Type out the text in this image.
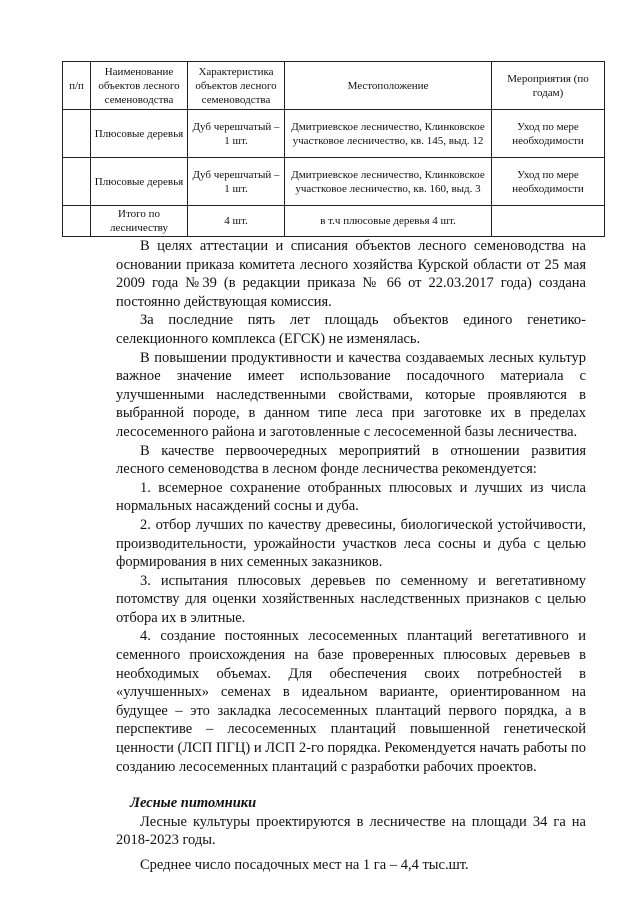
п/п	Наименование объектов лесного семеноводства	Характеристика объектов лесного семеноводства	Местоположение	Мероприятия (по годам)
	Плюсовые деревья	Дуб черешчатый – 1 шт.	Дмитриевское лесничество, Клинковское участковое лесничество, кв. 145, выд. 12	Уход по мере необходимости
	Плюсовые деревья	Дуб черешчатый – 1 шт.	Дмитриевское лесничество, Клинковское участковое лесничество, кв. 160, выд. 3	Уход по мере необходимости
	Итого по лесничеству	4 шт.	в т.ч плюсовые деревья 4 шт.	

В целях аттестации и списания объектов лесного семеноводства на основании приказа комитета лесного хозяйства Курской области от 25 мая 2009 года №39 (в редакции приказа № 66 от 22.03.2017 года) создана постоянно действующая комиссия.

За последние пять лет площадь объектов единого генетико-селекционного комплекса (ЕГСК) не изменялась.

В повышении продуктивности и качества создаваемых лесных культур важное значение имеет использование посадочного материала с улучшенными наследственными свойствами, которые проявляются в выбранной породе, в данном типе леса при заготовке их в пределах лесосеменного района и заготовленные с лесосеменной базы лесничества.

В качестве первоочередных мероприятий в отношении развития лесного семеноводства в лесном фонде лесничества рекомендуется:

1. всемерное сохранение отобранных плюсовых и лучших из числа нормальных насаждений сосны и дуба.

2. отбор лучших по качеству древесины, биологической устойчивости, производительности, урожайности участков леса сосны и дуба с целью формирования в них семенных заказников.

3. испытания плюсовых деревьев по семенному и вегетативному потомству для оценки хозяйственных наследственных признаков с целью отбора их в элитные.

4. создание постоянных лесосеменных плантаций вегетативного и семенного происхождения на базе проверенных плюсовых деревьев в необходимых объемах. Для обеспечения своих потребностей в «улучшенных» семенах в идеальном варианте, ориентированном на будущее – это закладка лесосеменных плантаций первого порядка, а в перспективе – лесосеменных плантаций повышенной генетической ценности (ЛСП ПГЦ) и ЛСП 2-го порядка. Рекомендуется начать работы по созданию лесосеменных плантаций с разработки рабочих проектов.

Лесные питомники

Лесные культуры проектируются в лесничестве на площади 34 га на 2018-2023 годы.

Среднее число посадочных мест на 1 га – 4,4 тыс.шт.
